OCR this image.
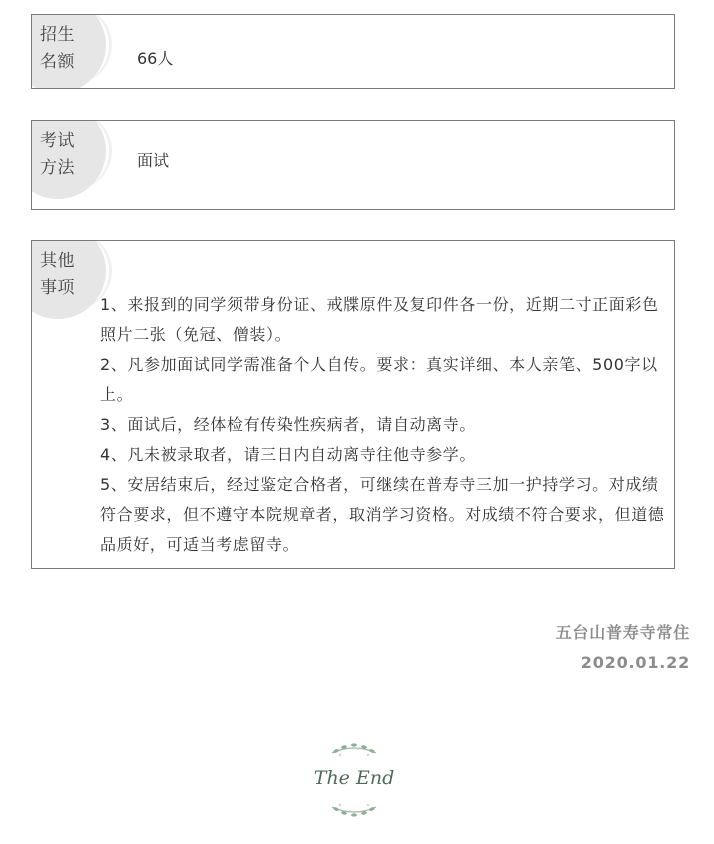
招生
名额	66人
考试
方法	面试
其他
事项
1、来报到的同学须带身份证、戒牒原件及复印件各一份，近期二寸正面彩色照片二张（免冠、僧装）。
2、凡参加面试同学需准备个人自传。要求：真实详细、本人亲笔、500字以上。
3、面试后，经体检有传染性疾病者，请自动离寺。
4、凡未被录取者，请三日内自动离寺往他寺参学。
5、安居结束后，经过鉴定合格者，可继续在普寿寺三加一护持学习。对成绩符合要求，但不遵守本院规章者，取消学习资格。对成绩不符合要求，但道德品质好，可适当考虑留寺。
五台山普寿寺常住
2020.01.22
The End
